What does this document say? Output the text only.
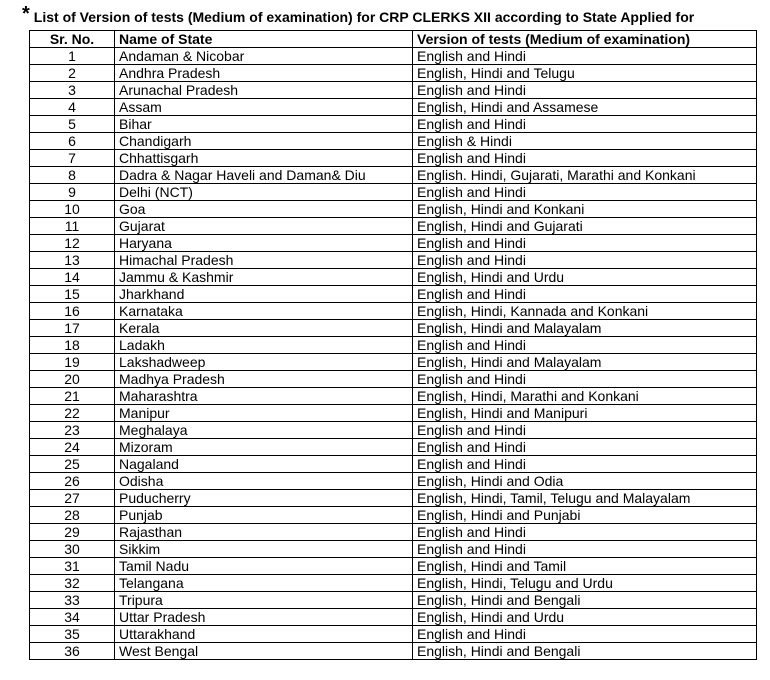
* List of Version of tests (Medium of examination) for CRP CLERKS XII according to State Applied for
Sr. No.	Name of State	Version of tests (Medium of examination)
1	Andaman & Nicobar	English and Hindi
2	Andhra Pradesh	English, Hindi and Telugu
3	Arunachal Pradesh	English and Hindi
4	Assam	English, Hindi and Assamese
5	Bihar	English and Hindi
6	Chandigarh	English & Hindi
7	Chhattisgarh	English and Hindi
8	Dadra & Nagar Haveli and Daman& Diu	English. Hindi, Gujarati, Marathi and Konkani
9	Delhi (NCT)	English and Hindi
10	Goa	English, Hindi and Konkani
11	Gujarat	English, Hindi and Gujarati
12	Haryana	English and Hindi
13	Himachal Pradesh	English and Hindi
14	Jammu & Kashmir	English, Hindi and Urdu
15	Jharkhand	English and Hindi
16	Karnataka	English, Hindi, Kannada and Konkani
17	Kerala	English, Hindi and Malayalam
18	Ladakh	English and Hindi
19	Lakshadweep	English, Hindi and Malayalam
20	Madhya Pradesh	English and Hindi
21	Maharashtra	English, Hindi, Marathi and Konkani
22	Manipur	English, Hindi and Manipuri
23	Meghalaya	English and Hindi
24	Mizoram	English and Hindi
25	Nagaland	English and Hindi
26	Odisha	English, Hindi and Odia
27	Puducherry	English, Hindi, Tamil, Telugu and Malayalam
28	Punjab	English, Hindi and Punjabi
29	Rajasthan	English and Hindi
30	Sikkim	English and Hindi
31	Tamil Nadu	English, Hindi and Tamil
32	Telangana	English, Hindi, Telugu and Urdu
33	Tripura	English, Hindi and Bengali
34	Uttar Pradesh	English, Hindi and Urdu
35	Uttarakhand	English and Hindi
36	West Bengal	English, Hindi and Bengali
